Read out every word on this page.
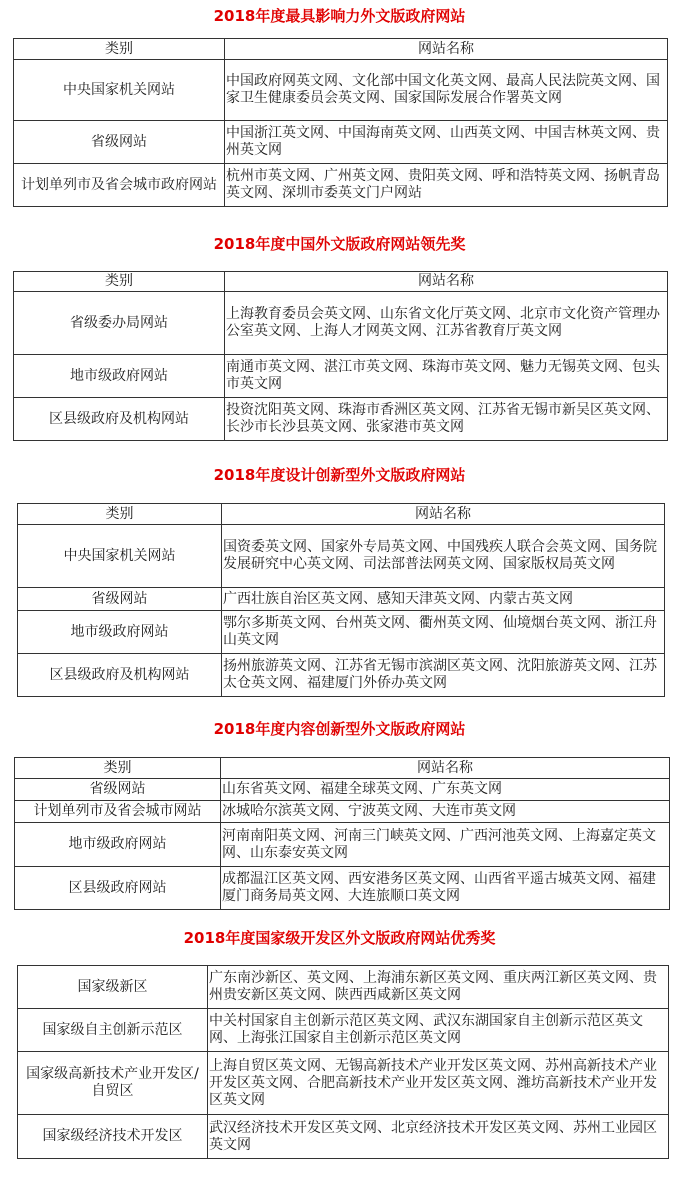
2018年度最具影响力外文版政府网站
类别	网站名称
中央国家机关网站	中国政府网英文网、文化部中国文化英文网、最高人民法院英文网、国家卫生健康委员会英文网、国家国际发展合作署英文网
省级网站	中国浙江英文网、中国海南英文网、山西英文网、中国吉林英文网、贵州英文网
计划单列市及省会城市政府网站	杭州市英文网、广州英文网、贵阳英文网、呼和浩特英文网、扬帆青岛英文网、深圳市委英文门户网站
2018年度中国外文版政府网站领先奖
类别	网站名称
省级委办局网站	上海教育委员会英文网、山东省文化厅英文网、北京市文化资产管理办公室英文网、上海人才网英文网、江苏省教育厅英文网
地市级政府网站	南通市英文网、湛江市英文网、珠海市英文网、魅力无锡英文网、包头市英文网
区县级政府及机构网站	投资沈阳英文网、珠海市香洲区英文网、江苏省无锡市新吴区英文网、长沙市长沙县英文网、张家港市英文网
2018年度设计创新型外文版政府网站
类别	网站名称
中央国家机关网站	国资委英文网、国家外专局英文网、中国残疾人联合会英文网、国务院发展研究中心英文网、司法部普法网英文网、国家版权局英文网
省级网站	广西壮族自治区英文网、感知天津英文网、内蒙古英文网
地市级政府网站	鄂尔多斯英文网、台州英文网、衢州英文网、仙境烟台英文网、浙江舟山英文网
区县级政府及机构网站	扬州旅游英文网、江苏省无锡市滨湖区英文网、沈阳旅游英文网、江苏太仓英文网、福建厦门外侨办英文网
2018年度内容创新型外文版政府网站
类别	网站名称
省级网站	山东省英文网、福建全球英文网、广东英文网
计划单列市及省会城市网站	冰城哈尔滨英文网、宁波英文网、大连市英文网
地市级政府网站	河南南阳英文网、河南三门峡英文网、广西河池英文网、上海嘉定英文网、山东泰安英文网
区县级政府网站	成都温江区英文网、西安港务区英文网、山西省平遥古城英文网、福建厦门商务局英文网、大连旅顺口英文网
2018年度国家级开发区外文版政府网站优秀奖
国家级新区	广东南沙新区、英文网、上海浦东新区英文网、重庆两江新区英文网、贵州贵安新区英文网、陕西西咸新区英文网
国家级自主创新示范区	中关村国家自主创新示范区英文网、武汉东湖国家自主创新示范区英文网、上海张江国家自主创新示范区英文网
国家级高新技术产业开发区/自贸区	上海自贸区英文网、无锡高新技术产业开发区英文网、苏州高新技术产业开发区英文网、合肥高新技术产业开发区英文网、潍坊高新技术产业开发区英文网
国家级经济技术开发区	武汉经济技术开发区英文网、北京经济技术开发区英文网、苏州工业园区英文网
